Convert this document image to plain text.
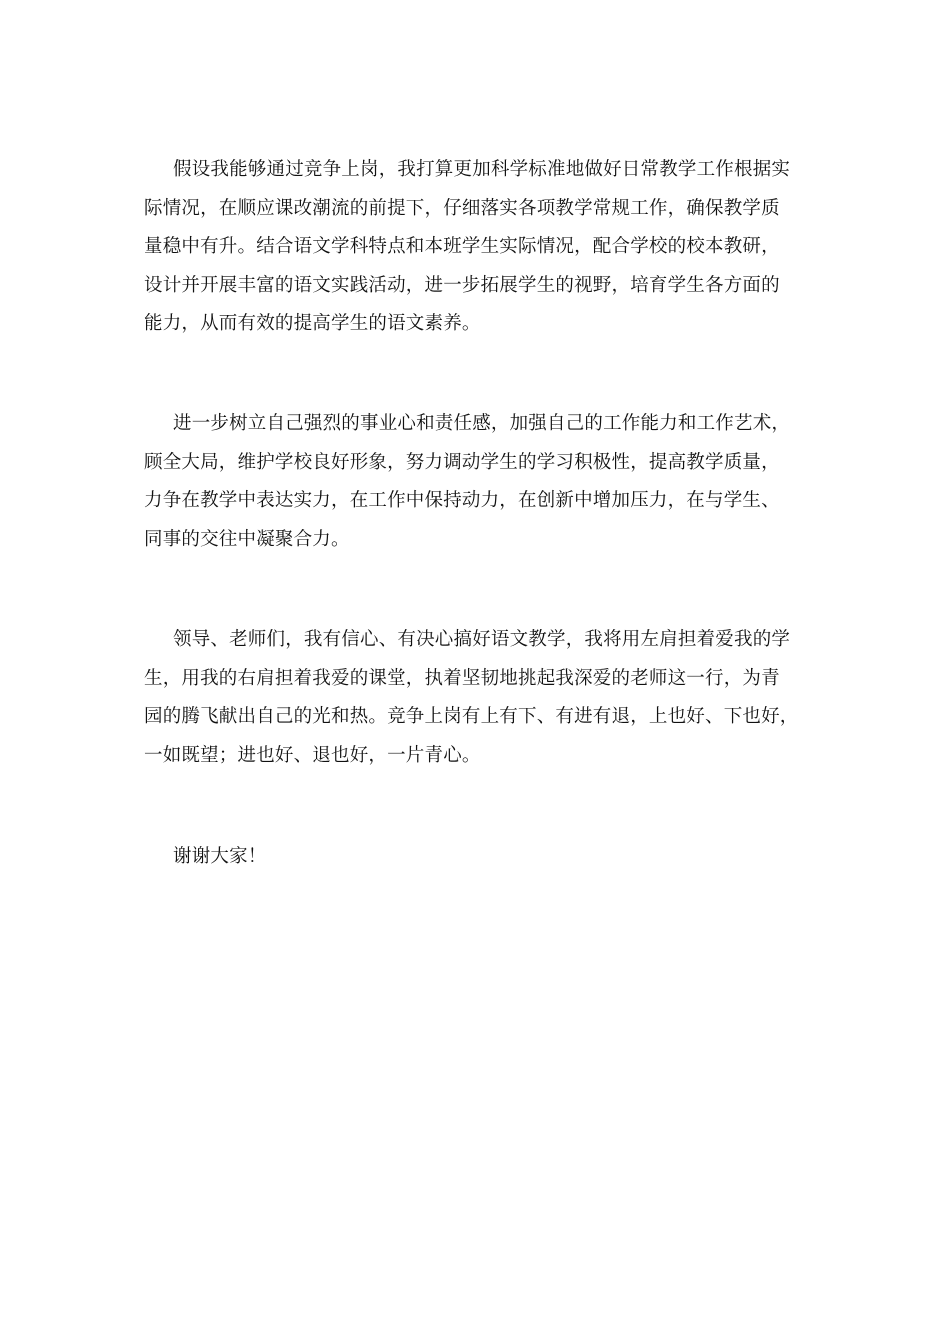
假设我能够通过竞争上岗，我打算更加科学标准地做好日常教学工作根据实
际情况，在顺应课改潮流的前提下，仔细落实各项教学常规工作，确保教学质
量稳中有升。结合语文学科特点和本班学生实际情况，配合学校的校本教研，
设计并开展丰富的语文实践活动，进一步拓展学生的视野，培育学生各方面的
能力，从而有效的提高学生的语文素养。

进一步树立自己强烈的事业心和责任感，加强自己的工作能力和工作艺术，
顾全大局，维护学校良好形象，努力调动学生的学习积极性，提高教学质量，
力争在教学中表达实力，在工作中保持动力，在创新中增加压力，在与学生、
同事的交往中凝聚合力。

领导、老师们，我有信心、有决心搞好语文教学，我将用左肩担着爱我的学
生，用我的右肩担着我爱的课堂，执着坚韧地挑起我深爱的老师这一行，为青
园的腾飞献出自己的光和热。竞争上岗有上有下、有进有退，上也好、下也好，
一如既望；进也好、退也好，一片青心。

谢谢大家！
